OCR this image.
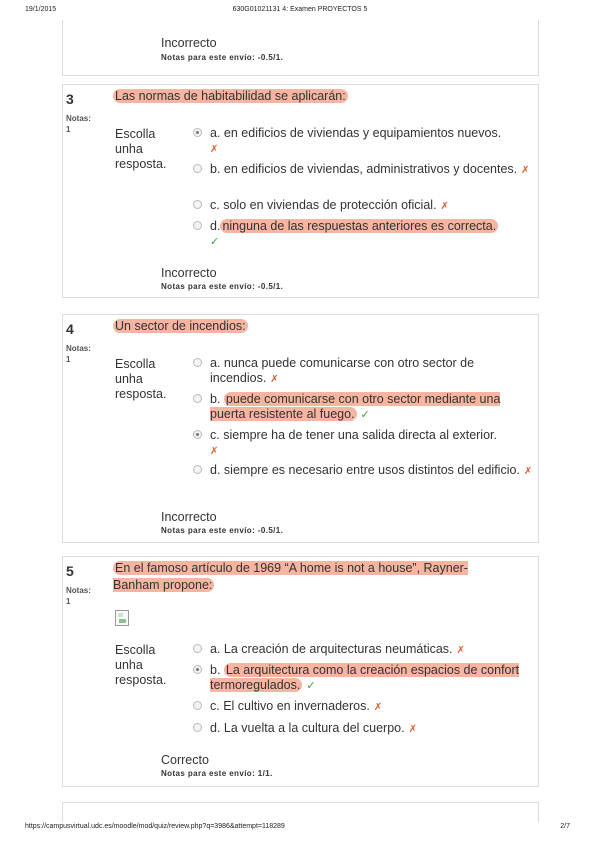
19/1/2015	630G01021131 4: Examen PROYECTOS 5
Incorrecto
Notas para este envío: -0.5/1.
3
Notas:
1
Las normas de habitabilidad se aplicarán:
Escolla unha resposta.
a. en edificios de viviendas y equipamientos nuevos.
✗
b. en edificios de viviendas, administrativos y docentes. ✗
c. solo en viviendas de protección oficial. ✗
d. ninguna de las respuestas anteriores es correcta.
✓
Incorrecto
Notas para este envío: -0.5/1.
4
Notas:
1
Un sector de incendios:
Escolla unha resposta.
a. nunca puede comunicarse con otro sector de incendios. ✗
b. puede comunicarse con otro sector mediante una puerta resistente al fuego. ✓
c. siempre ha de tener una salida directa al exterior.
✗
d. siempre es necesario entre usos distintos del edificio. ✗
Incorrecto
Notas para este envío: -0.5/1.
5
Notas:
1
En el famoso artículo de 1969 “A home is not a house”, Rayner-Banham propone:
Escolla unha resposta.
a. La creación de arquitecturas neumáticas. ✗
b. La arquitectura como la creación espacios de confort termoregulados. ✓
c. El cultivo en invernaderos. ✗
d. La vuelta a la cultura del cuerpo. ✗
Correcto
Notas para este envío: 1/1.
https://campusvirtual.udc.es/moodle/mod/quiz/review.php?q=3986&attempt=118289	2/7
